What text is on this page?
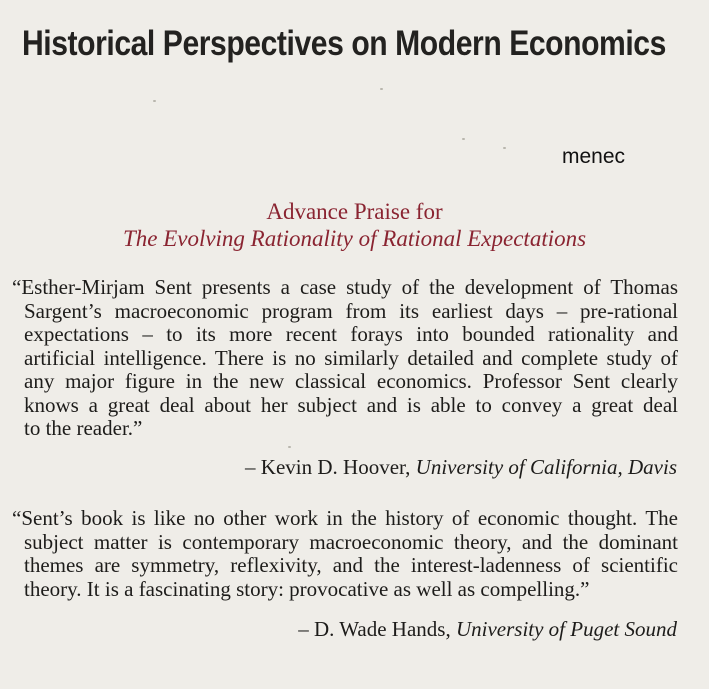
Historical Perspectives on Modern Economics
menec
Advance Praise for
The Evolving Rationality of Rational Expectations
“Esther-Mirjam Sent presents a case study of the development of Thomas
Sargent’s macroeconomic program from its earliest days – pre-rational
expectations – to its more recent forays into bounded rationality and
artificial intelligence. There is no similarly detailed and complete study of
any major figure in the new classical economics. Professor Sent clearly
knows a great deal about her subject and is able to convey a great deal
to the reader.”
– Kevin D. Hoover, University of California, Davis
“Sent’s book is like no other work in the history of economic thought. The
subject matter is contemporary macroeconomic theory, and the dominant
themes are symmetry, reflexivity, and the interest-ladenness of scientific
theory. It is a fascinating story: provocative as well as compelling.”
– D. Wade Hands, University of Puget Sound
